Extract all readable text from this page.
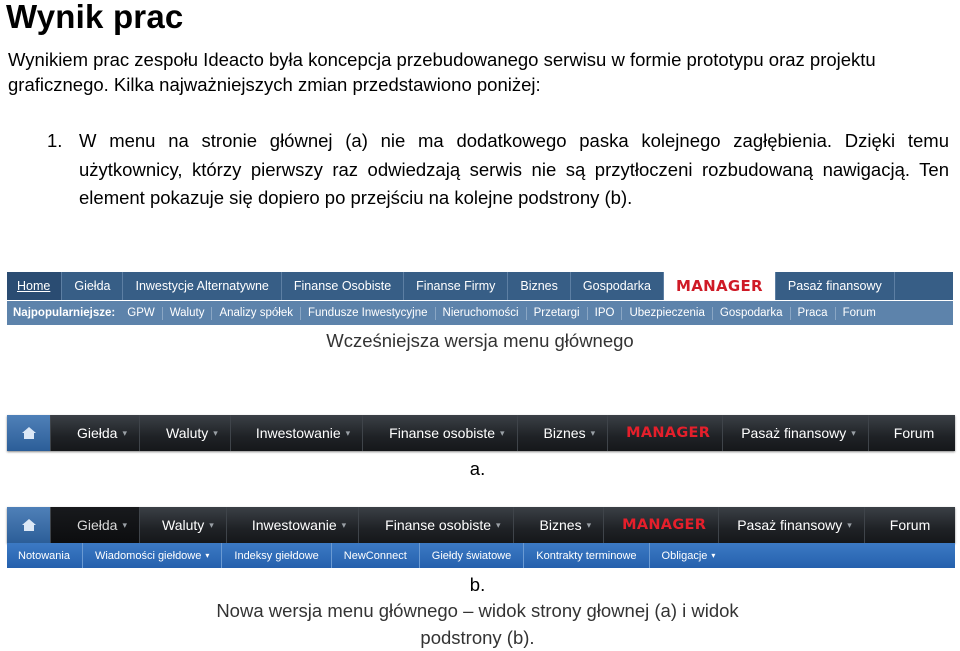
Wynik prac

Wynikiem prac zespołu Ideacto była koncepcja przebudowanego serwisu w formie prototypu oraz projektu graficznego. Kilka najważniejszych zmian przedstawiono poniżej:

1. W menu na stronie głównej (a) nie ma dodatkowego paska kolejnego zagłębienia. Dzięki temu użytkownicy, którzy pierwszy raz odwiedzają serwis nie są przytłoczeni rozbudowaną nawigacją. Ten element pokazuje się dopiero po przejściu na kolejne podstrony (b).

Home	Giełda	Inwestycje Alternatywne	Finanse Osobiste	Finanse Firmy	Biznes	Gospodarka	MANAGER	Pasaż finansowy
Najpopularniejsze:	GPW	Waluty	Analizy spółek	Fundusze Inwestycyjne	Nieruchomości	Przetargi	IPO	Ubezpieczenia	Gospodarka	Praca	Forum
Wcześniejsza wersja menu głównego
Giełda ▾	Waluty ▾	Inwestowanie ▾	Finanse osobiste ▾	Biznes ▾	MANAGER	Pasaż finansowy ▾	Forum
a.
Giełda ▾	Waluty ▾	Inwestowanie ▾	Finanse osobiste ▾	Biznes ▾	MANAGER	Pasaż finansowy ▾	Forum
Notowania	Wiadomości giełdowe ▾	Indeksy giełdowe	NewConnect	Giełdy światowe	Kontrakty terminowe	Obligacje ▾
b.
Nowa wersja menu głównego – widok strony głownej (a) i widok
podstrony (b).
